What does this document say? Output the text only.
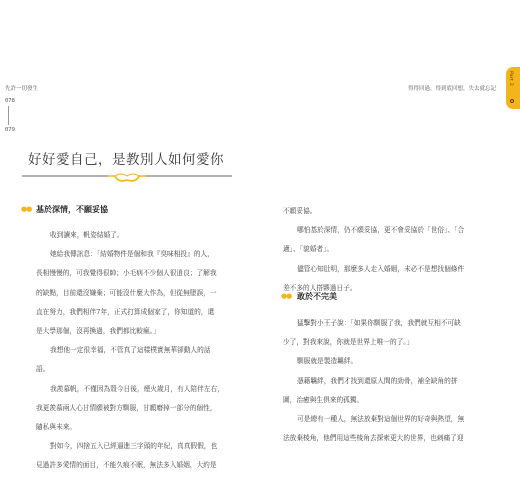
先許一切發生
078
079
得得回過，得到底回想，失去就忘記
Part 2
好好愛自己，是教別人如何愛你
●● 基於深情，不願妥協

收到讀來，帆姿結婚了。

她給我傳訊息：「結婚物件是個和我『臭味相投』的人，

長相慢慢的，可我覺得很帥；小毛病不少個人很逍良；了解我

的缺點，目前還沒嫌棄；可能沒什麼大作為，但從無墮誤，一

直在努力，我們相伴7年，正式打算成個家了，你知道的，還

是大學那個，沒再換過，我們都比較瘋。」

我想他一定很幸福，不管真了這樣樸實無華卻動人的話

語。

我羨慕帆，不僅因為殼今日後，煙火歲月，有人陪伴左右，

我更羨慕兩人心甘情願被對方馴服，甘願磨掉一部分的個性，

隨私與未來。

對如今，四捨五入已經逼進三字頭的年紀，真真假假，也

見過許多愛情的面目，不能久痕不眠，無法多入婚姻，大約是

不願妥協。

哪怕基於深情，仍不願妥協，更不會妥協於「世俗」、「合

適」、「貌婚者」。

儘管心知肚明，那麼多人走入婚姻，未必不是想找個條件

差不多的人搭夥過日子。

●● 敢於不完美

猛擊對小王子說：「如果你馴服了我，我們就互相不可缺

少了，對我來說，你就是世界上唯一的了。」

馴服就是製造羈絆。

憑藉羈絆，我們才找到還原人間的勁骨，補全缺角的拼

圖，治癒與生俱來的孤獨。

可是總有一種人，無法放棄對這個世界的好奇與熱望，無

法放棄棱角，他們用這些棱角去探索更大的世界，也刺痛了迎
